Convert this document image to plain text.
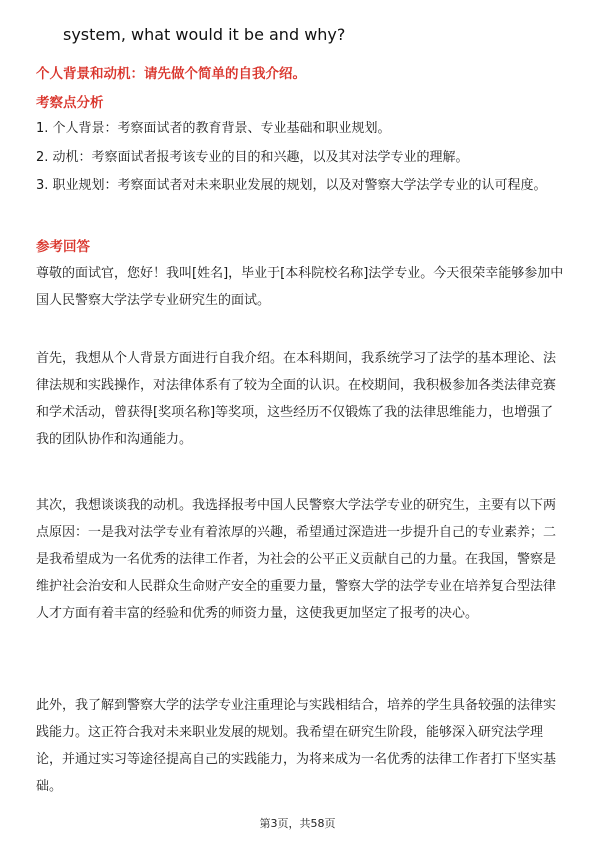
system, what would it be and why?
个人背景和动机：请先做个简单的自我介绍。
考察点分析

1. 个人背景：考察面试者的教育背景、专业基础和职业规划。

2. 动机：考察面试者报考该专业的目的和兴趣，以及其对法学专业的理解。

3. 职业规划：考察面试者对未来职业发展的规划，以及对警察大学法学专业的认可程度。

参考回答

尊敬的面试官，您好！我叫[姓名]，毕业于[本科院校名称]法学专业。今天很荣幸能够参加中国人民警察大学法学专业研究生的面试。

首先，我想从个人背景方面进行自我介绍。在本科期间，我系统学习了法学的基本理论、法律法规和实践操作，对法律体系有了较为全面的认识。在校期间，我积极参加各类法律竞赛和学术活动，曾获得[奖项名称]等奖项，这些经历不仅锻炼了我的法律思维能力，也增强了我的团队协作和沟通能力。

其次，我想谈谈我的动机。我选择报考中国人民警察大学法学专业的研究生，主要有以下两点原因：一是我对法学专业有着浓厚的兴趣，希望通过深造进一步提升自己的专业素养；二是我希望成为一名优秀的法律工作者，为社会的公平正义贡献自己的力量。在我国，警察是维护社会治安和人民群众生命财产安全的重要力量，警察大学的法学专业在培养复合型法律人才方面有着丰富的经验和优秀的师资力量，这使我更加坚定了报考的决心。

此外，我了解到警察大学的法学专业注重理论与实践相结合，培养的学生具备较强的法律实践能力。这正符合我对未来职业发展的规划。我希望在研究生阶段，能够深入研究法学理论，并通过实习等途径提高自己的实践能力，为将来成为一名优秀的法律工作者打下坚实基础。

第3页，共58页
